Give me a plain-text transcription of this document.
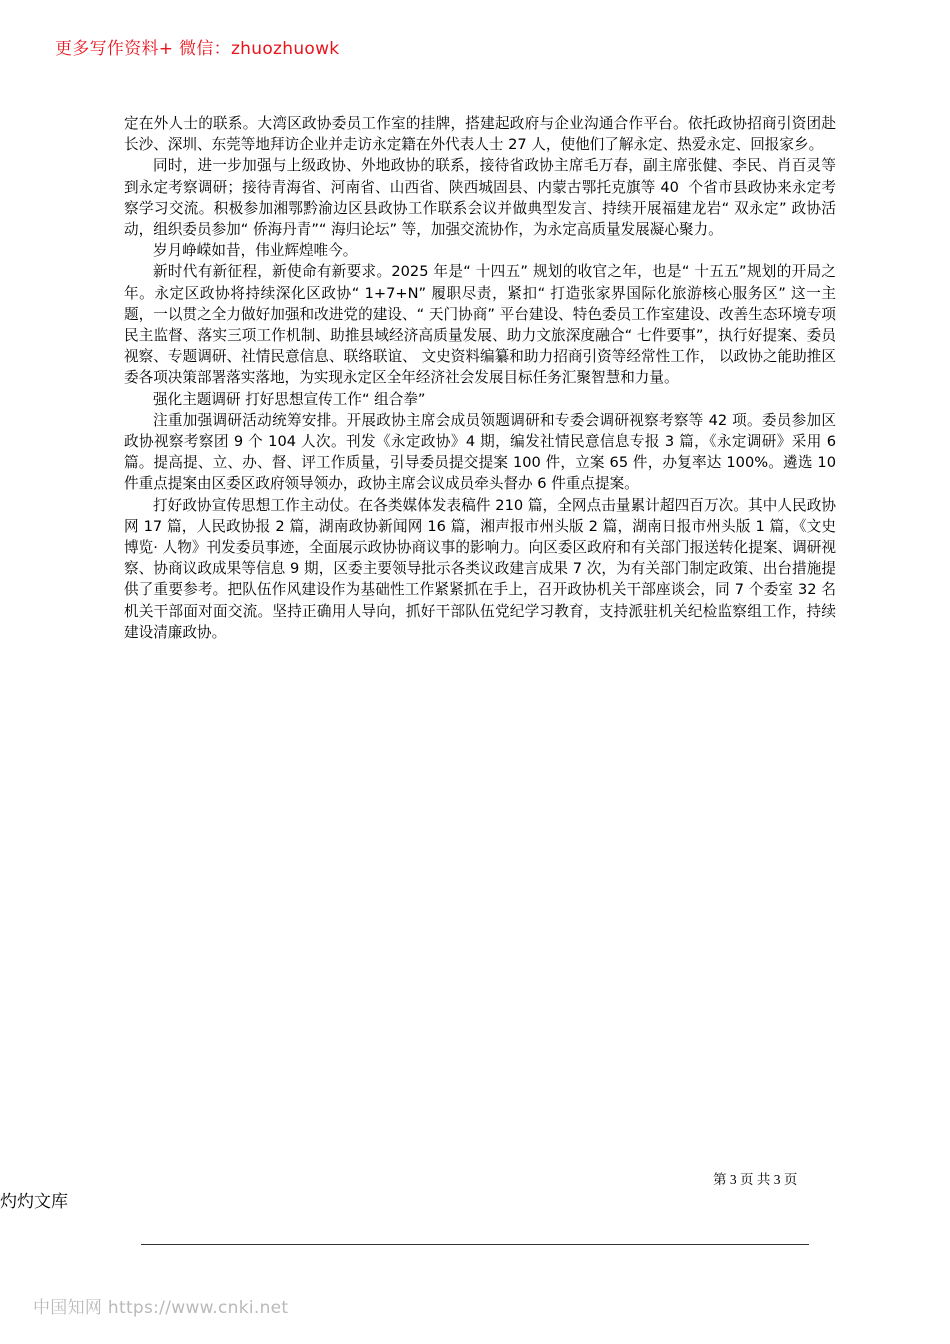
更多写作资料+ 微信：zhuozhuowk

定在外人士的联系。大湾区政协委员工作室的挂牌，搭建起政府与企业沟通合作平台。依托政协招商引资团赴长沙、深圳、东莞等地拜访企业并走访永定籍在外代表人士 27 人，使他们了解永定、热爱永定、回报家乡。

同时，进一步加强与上级政协、外地政协的联系，接待省政协主席毛万春，副主席张健、李民、肖百灵等到永定考察调研；接待青海省、河南省、山西省、陕西城固县、内蒙古鄂托克旗等 40  个省市县政协来永定考察学习交流。积极参加湘鄂黔渝边区县政协工作联系会议并做典型发言、持续开展福建龙岩“ 双永定” 政协活动，组织委员参加“ 侨海丹青”“ 海归论坛” 等，加强交流协作，为永定高质量发展凝心聚力。

岁月峥嵘如昔，伟业辉煌唯今。

新时代有新征程，新使命有新要求。2025 年是“ 十四五” 规划的收官之年，也是“ 十五五”规划的开局之年。永定区政协将持续深化区政协“ 1+7+N” 履职尽责，紧扣“ 打造张家界国际化旅游核心服务区” 这一主题，一以贯之全力做好加强和改进党的建设、“ 天门协商” 平台建设、特色委员工作室建设、改善生态环境专项民主监督、落实三项工作机制、助推县域经济高质量发展、助力文旅深度融合“ 七件要事”，执行好提案、委员视察、专题调研、社情民意信息、联络联谊、 文史资料编纂和助力招商引资等经常性工作， 以政协之能助推区委各项决策部署落实落地，为实现永定区全年经济社会发展目标任务汇聚智慧和力量。

强化主题调研 打好思想宣传工作“ 组合拳”

注重加强调研活动统筹安排。开展政协主席会成员领题调研和专委会调研视察考察等 42 项。委员参加区政协视察考察团 9 个 104 人次。刊发《永定政协》4 期，编发社情民意信息专报 3 篇，《永定调研》采用 6 篇。提高提、立、办、督、评工作质量，引导委员提交提案 100 件，立案 65 件，办复率达 100%。遴选 10 件重点提案由区委区政府领导领办，政协主席会议成员牵头督办 6 件重点提案。

打好政协宣传思想工作主动仗。在各类媒体发表稿件 210 篇，全网点击量累计超四百万次。其中人民政协网 17 篇，人民政协报 2 篇，湖南政协新闻网 16 篇，湘声报市州头版 2 篇，湖南日报市州头版 1 篇，《文史博览· 人物》刊发委员事迹，全面展示政协协商议事的影响力。向区委区政府和有关部门报送转化提案、调研视察、协商议政成果等信息 9 期，区委主要领导批示各类议政建言成果 7 次，为有关部门制定政策、出台措施提供了重要参考。把队伍作风建设作为基础性工作紧紧抓在手上，召开政协机关干部座谈会，同 7 个委室 32 名机关干部面对面交流。坚持正确用人导向，抓好干部队伍党纪学习教育，支持派驻机关纪检监察组工作，持续建设清廉政协。

第 3 页 共 3 页
灼灼文库
中国知网 https://www.cnki.net
